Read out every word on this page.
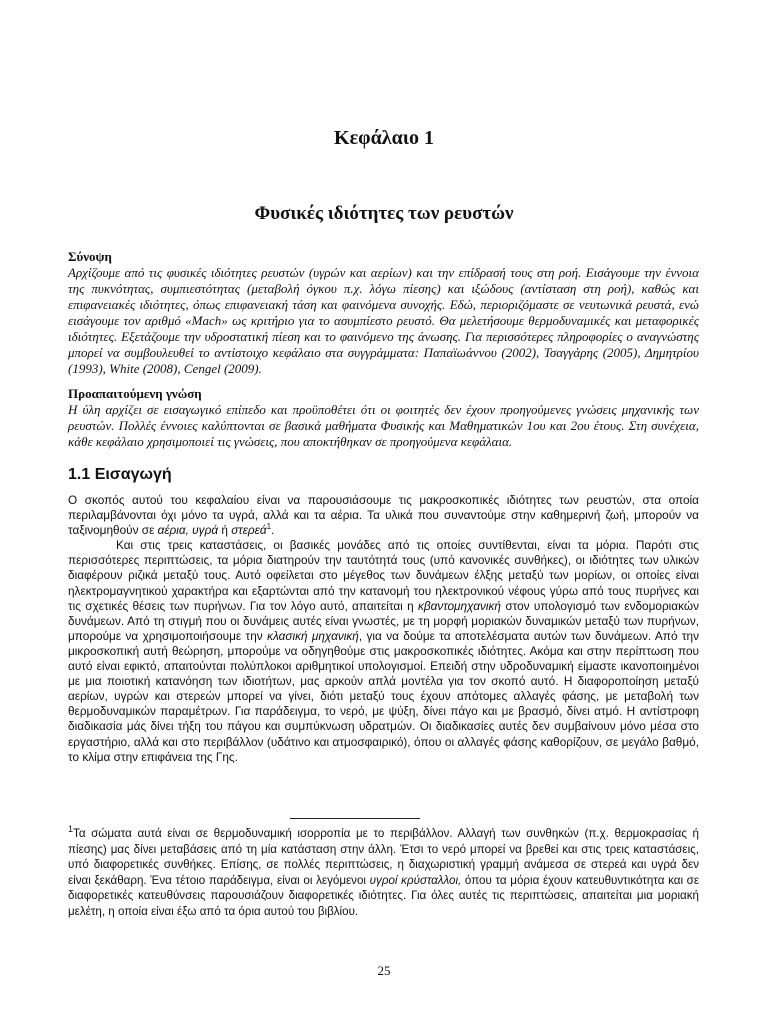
Κεφάλαιο 1
Φυσικές ιδιότητες των ρευστών
Σύνοψη

Αρχίζουμε από τις φυσικές ιδιότητες ρευστών (υγρών και αερίων) και την επίδρασή τους στη ροή. Εισάγουμε την έννοια της πυκνότητας, συμπιεστότητας (μεταβολή όγκου π.χ. λόγω πίεσης) και ιξώδους (αντίσταση στη ροή), καθώς και επιφανειακές ιδιότητες, όπως επιφανειακή τάση και φαινόμενα συνοχής. Εδώ, περιοριζόμαστε σε νευτωνικά ρευστά, ενώ εισάγουμε τον αριθμό «Mach» ως κριτήριο για το ασυμπίεστο ρευστό. Θα μελετήσουμε θερμοδυναμικές και μεταφορικές ιδιότητες. Εξετάζουμε την υδροστατική πίεση και το φαινόμενο της άνωσης. Για περισσότερες πληροφορίες ο αναγνώστης μπορεί να συμβουλευθεί το αντίστοιχο κεφάλαιο στα συγγράμματα: Παπαϊωάννου (2002), Τσαγγάρης (2005), Δημητρίου (1993), White (2008), Cengel (2009).

Προαπαιτούμενη γνώση

Η ύλη αρχίζει σε εισαγωγικό επίπεδο και προϋποθέτει ότι οι φοιτητές δεν έχουν προηγούμενες γνώσεις μηχανικής των ρευστών. Πολλές έννοιες καλύπτονται σε βασικά μαθήματα Φυσικής και Μαθηματικών 1ου και 2ου έτους. Στη συνέχεια, κάθε κεφάλαιο χρησιμοποιεί τις γνώσεις, που αποκτήθηκαν σε προηγούμενα κεφάλαια.

1.1 Εισαγωγή

Ο σκοπός αυτού του κεφαλαίου είναι να παρουσιάσουμε τις μακροσκοπικές ιδιότητες των ρευστών, στα οποία περιλαμβάνονται όχι μόνο τα υγρά, αλλά και τα αέρια. Τα υλικά που συναντούμε στην καθημερινή ζωή, μπορούν να ταξινομηθούν σε αέρια, υγρά ή στερεά$^1$.

Και στις τρεις καταστάσεις, οι βασικές μονάδες από τις οποίες συντίθενται, είναι τα μόρια. Παρότι στις περισσότερες περιπτώσεις, τα μόρια διατηρούν την ταυτότητά τους (υπό κανονικές συνθήκες), οι ιδιότητες των υλικών διαφέρουν ριζικά μεταξύ τους. Αυτό οφείλεται στο μέγεθος των δυνάμεων έλξης μεταξύ των μορίων, οι οποίες είναι ηλεκτρομαγνητικού χαρακτήρα και εξαρτώνται από την κατανομή του ηλεκτρονικού νέφους γύρω από τους πυρήνες και τις σχετικές θέσεις των πυρήνων. Για τον λόγο αυτό, απαιτείται η κβαντομηχανική στον υπολογισμό των ενδομοριακών δυνάμεων. Από τη στιγμή που οι δυνάμεις αυτές είναι γνωστές, με τη μορφή μοριακών δυναμικών μεταξύ των πυρήνων, μπορούμε να χρησιμοποιήσουμε την κλασική μηχανική, για να δούμε τα αποτελέσματα αυτών των δυνάμεων. Από την μικροσκοπική αυτή θεώρηση, μπορούμε να οδηγηθούμε στις μακροσκοπικές ιδιότητες. Ακόμα και στην περίπτωση που αυτό είναι εφικτό, απαιτούνται πολύπλοκοι αριθμητικοί υπολογισμοί. Επειδή στην υδροδυναμική είμαστε ικανοποιημένοι με μια ποιοτική κατανόηση των ιδιοτήτων, μας αρκούν απλά μοντέλα για τον σκοπό αυτό. Η διαφοροποίηση μεταξύ αερίων, υγρών και στερεών μπορεί να γίνει, διότι μεταξύ τους έχουν απότομες αλλαγές φάσης, με μεταβολή των θερμοδυναμικών παραμέτρων. Για παράδειγμα, το νερό, με ψύξη, δίνει πάγο και με βρασμό, δίνει ατμό. Η αντίστροφη διαδικασία μάς δίνει τήξη του πάγου και συμπύκνωση υδρατμών. Οι διαδικασίες αυτές δεν συμβαίνουν μόνο μέσα στο εργαστήριο, αλλά και στο περιβάλλον (υδάτινο και ατμοσφαιρικό), όπου οι αλλαγές φάσης καθορίζουν, σε μεγάλο βαθμό, το κλίμα στην επιφάνεια της Γης.

$^1$Τα σώματα αυτά είναι σε θερμοδυναμική ισορροπία με το περιβάλλον. Αλλαγή των συνθηκών (π.χ. θερμοκρασίας ή πίεσης) μας δίνει μεταβάσεις από τη μία κατάσταση στην άλλη. Έτσι το νερό μπορεί να βρεθεί και στις τρεις καταστάσεις, υπό διαφορετικές συνθήκες. Επίσης, σε πολλές περιπτώσεις, η διαχωριστική γραμμή ανάμεσα σε στερεά και υγρά δεν είναι ξεκάθαρη. Ένα τέτοιο παράδειγμα, είναι οι λεγόμενοι υγροί κρύσταλλοι, όπου τα μόρια έχουν κατευθυντικότητα και σε διαφορετικές κατευθύνσεις παρουσιάζουν διαφορετικές ιδιότητες. Για όλες αυτές τις περιπτώσεις, απαιτείται μια μοριακή μελέτη, η οποία είναι έξω από τα όρια αυτού του βιβλίου.

25
